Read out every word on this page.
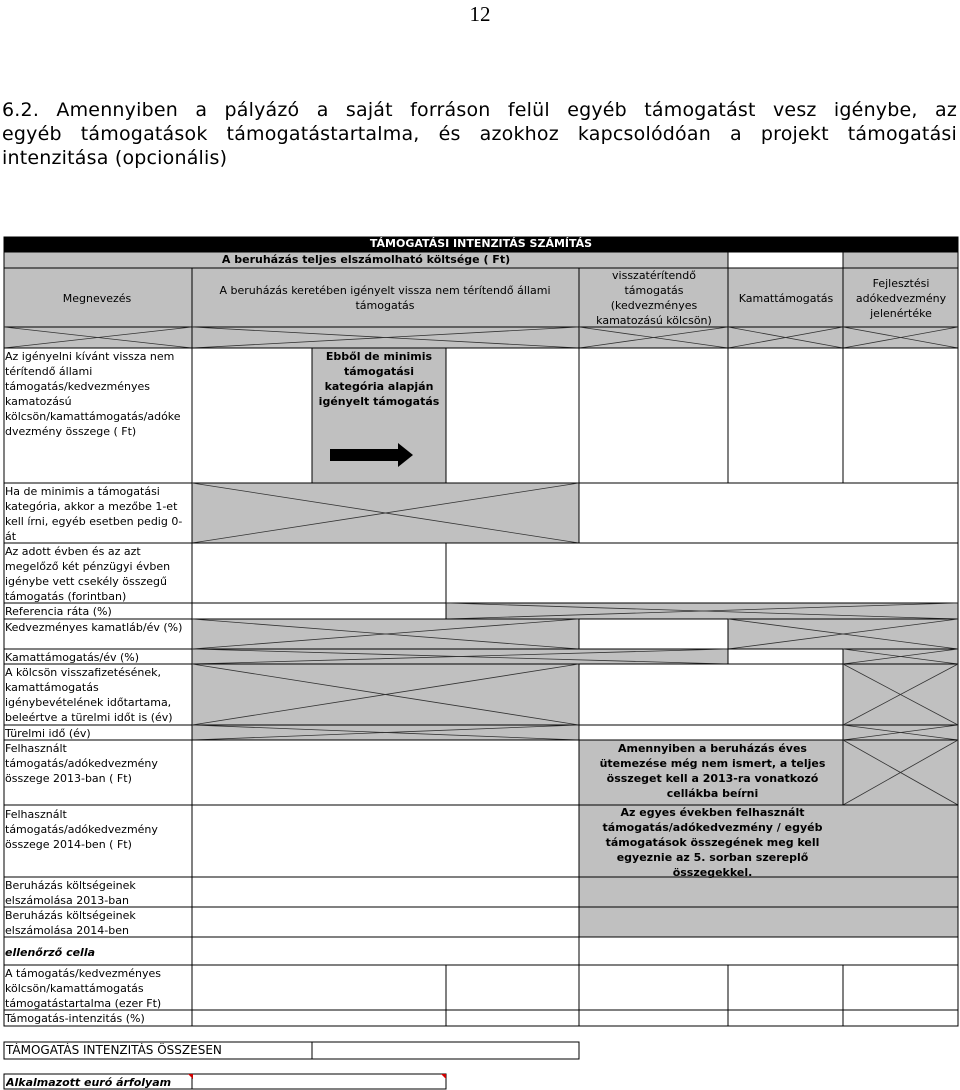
12
6.2. Amennyiben a pályázó a saját forráson felül egyéb támogatást vesz igénybe, az
egyéb támogatások támogatástartalma, és azokhoz kapcsolódóan a projekt támogatási
intenzitása (opcionális)
TÁMOGATÁSI INTENZITÁS SZÁMÍTÁS
A beruházás teljes elszámolható költsége ( Ft)
Megnevezés
A beruházás keretében igényelt vissza nem térítendő állami támogatás
visszatérítendő támogatás (kedvezményes kamatozású kölcsön)
Kamattámogatás
Fejlesztési adókedvezmény jelenértéke
Az igényelni kívánt vissza nem térítendő állami támogatás/kedvezményes kamatozású kölcsön/kamattámogatás/adóke dvezmény összege ( Ft)
Ebből de minimis támogatási kategória alapján igényelt támogatás
Ha de minimis a támogatási kategória, akkor a mezőbe 1-et kell írni, egyéb esetben pedig 0-át
Az adott évben és az azt megelőző két pénzügyi évben igénybe vett csekély összegű támogatás (forintban)
Referencia ráta (%)
Kedvezményes kamatláb/év (%)
Kamattámogatás/év (%)
A kölcsön visszafizetésének, kamattámogatás igénybevételének időtartama, beleértve a türelmi időt is (év)
Türelmi idő (év)
Felhasznált támogatás/adókedvezmény összege 2013-ban ( Ft)
Felhasznált támogatás/adókedvezmény összege 2014-ben ( Ft)
Beruházás költségeinek elszámolása 2013-ban
Beruházás költségeinek elszámolása 2014-ben
ellenőrző cella
A támogatás/kedvezményes kölcsön/kamattámogatás támogatástartalma (ezer Ft)
Támogatás-intenzitás (%)
Amennyiben a beruházás éves ütemezése még nem ismert, a teljes összeget kell a 2013-ra vonatkozó cellákba beírni
Az egyes években felhasznált támogatás/adókedvezmény / egyéb támogatások összegének meg kell egyeznie az 5. sorban szereplő összegekkel.
TÁMOGATÁS INTENZITÁS ÖSSZESEN
Alkalmazott euró árfolyam
